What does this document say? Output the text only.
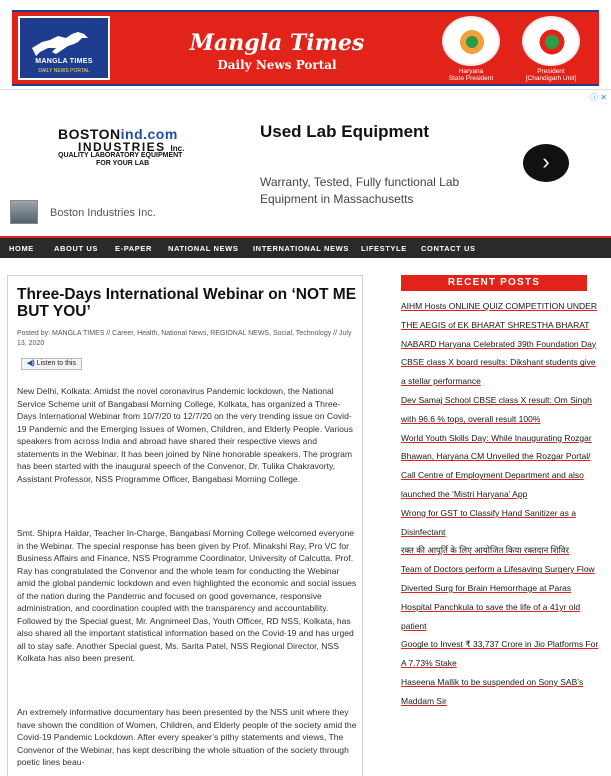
MANGLA TIMES
DAILY NEWS PORTAL
Mangla Times
Daily News Portal	Haryana
State President
President
[Chandigarh Unit]
ⓘ ✕
BOSTONind.com
INDUSTRIES Inc.
QUALITY LABORATORY EQUIPMENT
FOR YOUR LAB
Used Lab Equipment
Warranty, Tested, Fully functional Lab Equipment in Massachusetts
›
Boston Industries Inc.
HOME	ABOUT US E-PAPER NATIONAL NEWS INTERNATIONAL NEWS LIFESTYLE CONTACT US
Three-Days International Webinar on ‘NOT ME BUT YOU’
Posted by: MANGLA TIMES // Career, Health, National News, REGIONAL NEWS, Social, Technology // July 13, 2020
◀) Listen to this

New Delhi, Kolkata: Amidst the novel coronavirus Pandemic lockdown, the National Service Scheme unit of Bangabasi Morning College, Kolkata, has organized a Three-Days International Webinar from 10/7/20 to 12/7/20 on the very trending issue on Covid-19 Pandemic and the Emerging Issues of Women, Children, and Elderly People. Various speakers from across India and abroad have shared their respective views and statements in the Webinar. It has been joined by Nine honorable speakers. The program has been started with the inaugural speech of the Convenor, Dr. Tulika Chakravorty, Assistant Professor, NSS Programme Officer, Bangabasi Morning College.

Smt. Shipra Haldar, Teacher In-Charge, Bangabasi Morning College welcomed everyone in the Webinar. The special response has been given by Prof. Minakshi Ray, Pro VC for Business Affairs and Finance, NSS Programme Coordinator, University of Calcutta. Prof. Ray has congratulated the Convenor and the whole team for conducting the Webinar amid the global pandemic lockdown and even highlighted the economic and social issues of the nation during the Pandemic and focused on good governance, responsive administration, and coordination coupled with the transparency and accountability. Followed by the Special guest, Mr. Angnimeel Das, Youth Officer, RD NSS, Kolkata, has also shared all the important statistical information based on the Covid-19 and has urged all to stay safe. Another Special guest, Ms. Sarita Patel, NSS Regional Director, NSS Kolkata has also been present.

An extremely informative documentary has been presented by the NSS unit where they have shown the condition of Women, Children, and Elderly people of the society amid the Covid-19 Pandemic Lockdown. After every speaker’s pithy statements and views, The Convenor of the Webinar, has kept describing the whole situation of the society through poetic lines beau-

RECENT POSTS
AIHM Hosts ONLINE QUIZ COMPETITION UNDER THE AEGIS of EK BHARAT SHRESTHA BHARAT
NABARD Haryana Celebrated 39th Foundation Day
CBSE class X board results: Dikshant students give a stellar performance
Dev Samaj School CBSE class X result: Om Singh with 96.6 % tops, overall result 100%
World Youth Skills Day: While Inaugurating Rozgar Bhawan, Haryana CM Unveiled the Rozgar Portal/ Call Centre of Employment Department and also launched the ‘Mistri Haryana’ App
Wrong for GST to Classify Hand Sanitizer as a Disinfectant
रक्त की आपूर्ति के लिए आयोजित किया रक्तदान शिविर
Team of Doctors perform a Lifesaving Surgery Flow Diverted Surg for Brain Hemorrhage at Paras Hospital Panchkula to save the life of a 41yr old patient
Google to Invest ₹ 33,737 Crore in Jio Platforms For A 7.73% Stake
Haseena Mallik to be suspended on Sony SAB’s Maddam Sir
